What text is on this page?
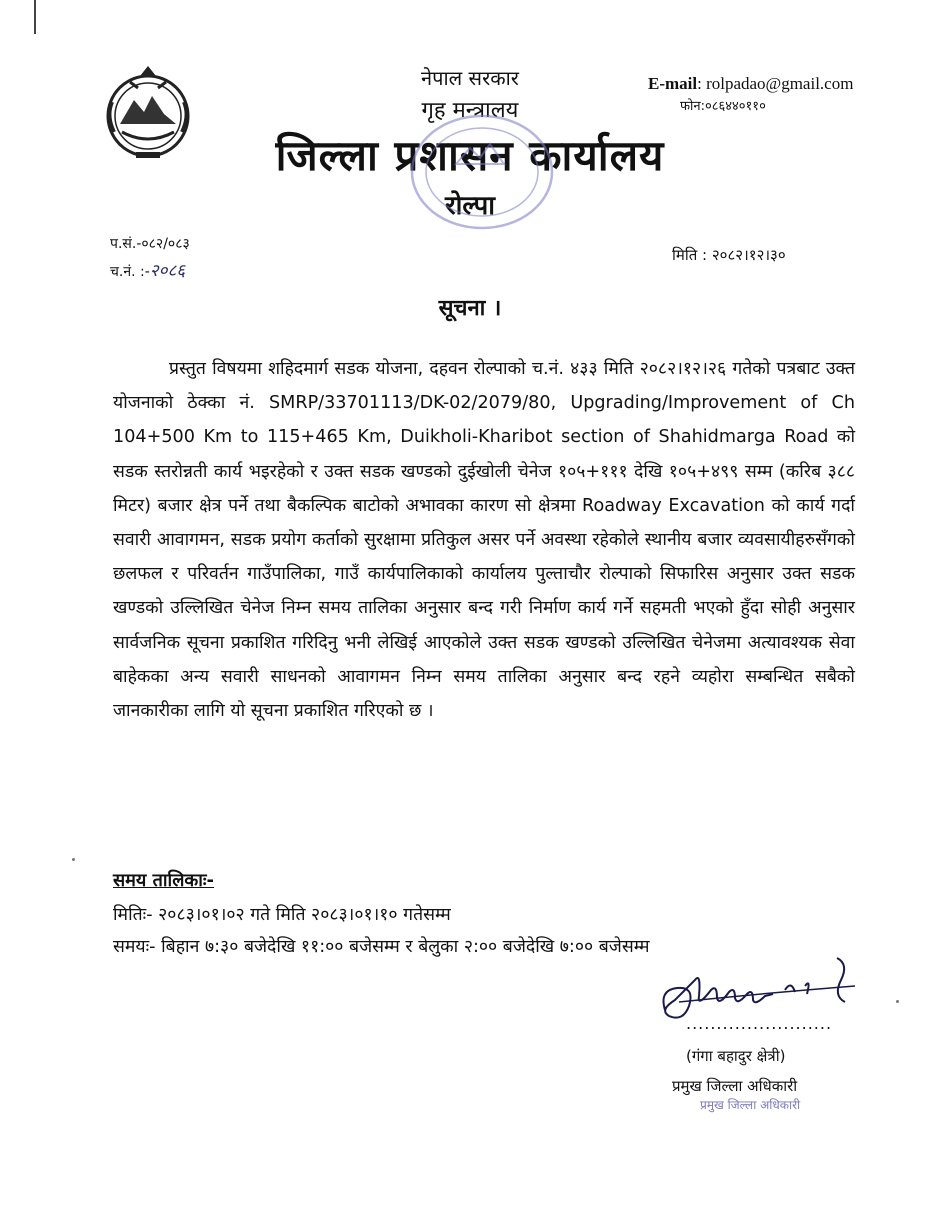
नेपाल सरकार
गृह मन्त्रालय
जिल्ला प्रशासन कार्यालय
रोल्पा
E-mail: rolpadao@gmail.com
फोन:०८६४४०११०
प.सं.-०८२/०८३
च.नं. :-२०८६
मिति : २०८२।१२।३०
सूचना ।

प्रस्तुत विषयमा शहिदमार्ग सडक योजना, दहवन रोल्पाको च.नं. ४३३ मिति २०८२।१२।२६ गतेको पत्रबाट उक्त योजनाको ठेक्का नं. SMRP/33701113/DK-02/2079/80, Upgrading/Improvement of Ch 104+500 Km to 115+465 Km, Duikholi-Kharibot section of Shahidmarga Road को सडक स्तरोन्नती कार्य भइरहेको र उक्त सडक खण्डको दुईखोली चेनेज १०५+१११ देखि १०५+४९९ सम्म (करिब ३८८ मिटर) बजार क्षेत्र पर्ने तथा बैकल्पिक बाटोको अभावका कारण सो क्षेत्रमा Roadway Excavation को कार्य गर्दा सवारी आवागमन, सडक प्रयोग कर्ताको सुरक्षामा प्रतिकुल असर पर्ने अवस्था रहेकोले स्थानीय बजार व्यवसायीहरुसँगको छलफल र परिवर्तन गाउँपालिका, गाउँ कार्यपालिकाको कार्यालय पुल्ताचौर रोल्पाको सिफारिस अनुसार उक्त सडक खण्डको उल्लिखित चेनेज निम्न समय तालिका अनुसार बन्द गरी निर्माण कार्य गर्ने सहमती भएको हुँदा सोही अनुसार सार्वजनिक सूचना प्रकाशित गरिदिनु भनी लेखिई आएकोले उक्त सडक खण्डको उल्लिखित चेनेजमा अत्यावश्यक सेवा बाहेकका अन्य सवारी साधनको आवागमन निम्न समय तालिका अनुसार बन्द रहने व्यहोरा सम्बन्धित सबैको जानकारीका लागि यो सूचना प्रकाशित गरिएको छ ।

समय तालिकाः-
मितिः- २०८३।०१।०२ गते मिति २०८३।०१।१० गतेसम्म
समयः- बिहान ७:३० बजेदेखि ११:०० बजेसम्म र बेलुका २:०० बजेदेखि ७:०० बजेसम्म
........................
(गंगा बहादुर क्षेत्री)
प्रमुख जिल्ला अधिकारी
प्रमुख जिल्ला अधिकारी
